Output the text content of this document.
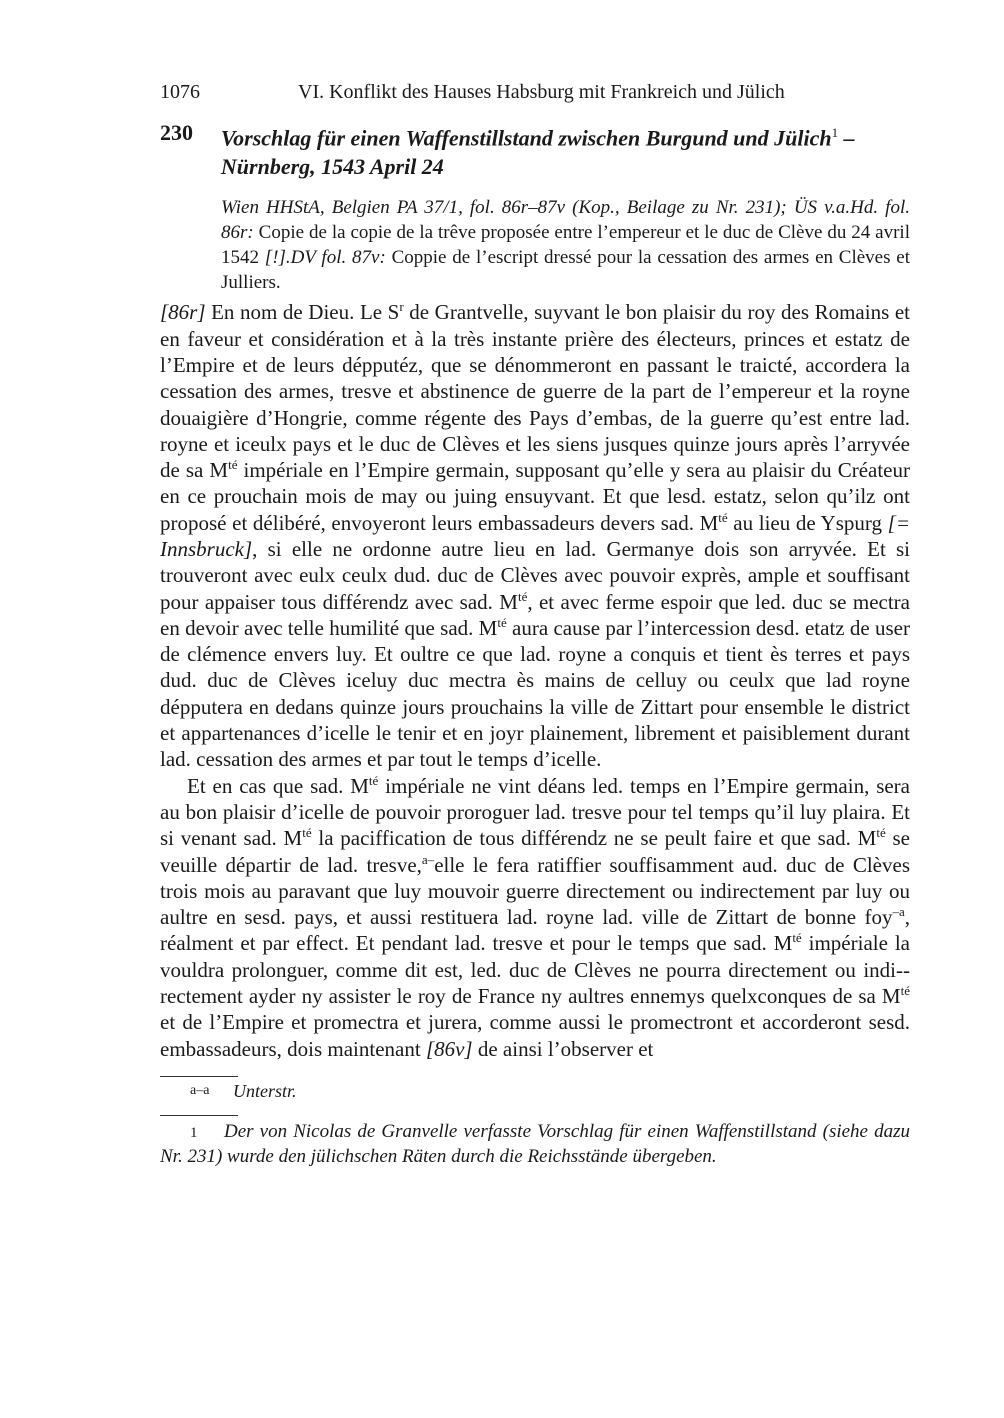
1076	VI. Konflikt des Hauses Habsburg mit Frankreich und Jülich
230	Vorschlag für einen Waffenstillstand zwischen Burgund und Jülich$^1$ –
Nürnberg, 1543 April 24
Wien HHStA, Belgien PA 37/1, fol. 86r–87v (Kop., Beilage zu Nr. 231); ÜS v.a.Hd. fol. 86r: Copie de la copie de la trêve proposée entre l’empereur et le duc de Clève du 24 avril 1542 [!].DV fol. 87v: Coppie de l’escript dressé pour la cessation des armes en Clèves et Julliers.

[86r] En nom de Dieu. Le $S^r$ de Grantvelle, suyvant le bon plaisir du roy des Romains et en faveur et considération et à la très instante prière des électeurs, princes et estatz de l’Empire et de leurs dépputéz, que se dénommeront en passant le traicté, accordera la cessation des armes, tresve et abstinence de guerre de la part de l’empereur et la royne douaigière d’Hongrie, comme régente des Pays d’embas, de la guerre qu’est entre lad. royne et iceulx pays et le duc de Clèves et les siens jusques quinze jours après l’arryvée de sa $M^{té}$ impériale en l’Empire germain, supposant qu’elle y sera au plaisir du Créateur en ce prouchain mois de may ou juing ensuyvant. Et que lesd. estatz, selon qu’ilz ont proposé et délibéré, envoyeront leurs embassadeurs devers sad. $M^{té}$ au lieu de Yspurg [= Innsbruck], si elle ne ordonne autre lieu en lad. Germanye dois son arryvée. Et si trouveront avec eulx ceulx dud. duc de Clèves avec pouvoir exprès, ample et souffisant pour appaiser tous différendz avec sad. $M^{té}$, et avec ferme espoir que led. duc se mectra en devoir avec telle humilité que sad. $M^{té}$ aura cause par l’intercession desd. etatz de user de clémence envers luy. Et oultre ce que lad. royne a conquis et tient ès terres et pays dud. duc de Clèves iceluy duc mectra ès mains de celluy ou ceulx que lad royne dépputera en dedans quinze jours prouchains la ville de Zittart pour ensemble le district et appartenances d’icelle le tenir et en joyr plainement, librement et paisiblement durant lad. cessation des armes et par tout le temps d’icelle.

Et en cas que sad. $M^{té}$ impériale ne vint déans led. temps en l’Empire germain, sera au bon plaisir d’icelle de pouvoir proroguer lad. tresve pour tel temps qu’il luy plaira. Et si venant sad. $M^{té}$ la paciffication de tous différendz ne se peult faire et que sad. $M^{té}$ se veuille départir de lad. tresve,$^{a-}$elle le fera ratiffier souffisamment aud. duc de Clèves trois mois au paravant que luy mouvoir guerre directement ou indirectement par luy ou aultre en sesd. pays, et aussi restituera lad. royne lad. ville de Zittart de bonne foy$^{-a}$, réalment et par effect. Et pendant lad. tresve et pour le temps que sad. $M^{té}$ impériale la vouldra prolonguer, comme dit est, led. duc de Clèves ne pourra directement ou indi-rectement ayder ny assister le roy de France ny aultres ennemys quelxconques de sa $M^{té}$ et de l’Empire et promectra et jurera, comme aussi le promectront et accorderont sesd. embassadeurs, dois maintenant [86v] de ainsi l’observer et

a–a	Unterstr.
1 Der von Nicolas de Granvelle verfasste Vorschlag für einen Waffenstillstand (siehe dazu Nr. 231) wurde den jülichschen Räten durch die Reichsstände übergeben.
